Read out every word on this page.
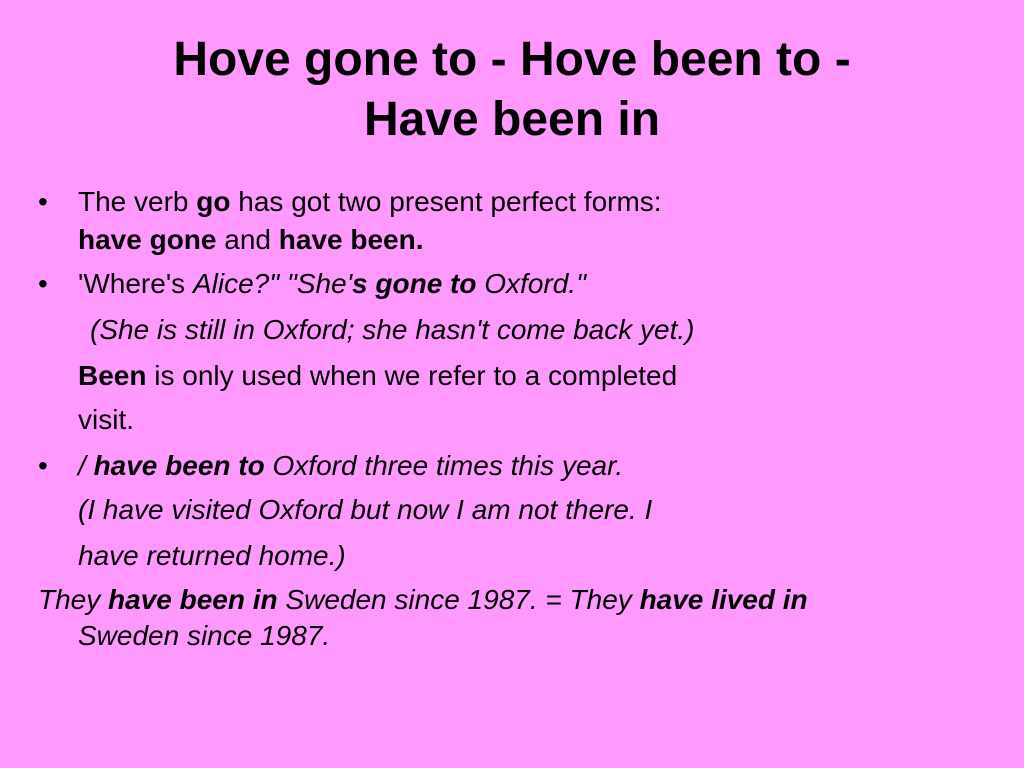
Hove gone to - Hove been to -
Have been in
• The verb go has got two present perfect forms:
have gone and have been.
• 'Where's Alice?" "She's gone to Oxford."
(She is still in Oxford; she hasn't come back yet.)
Been is only used when we refer to a completed
visit.
• / have been to Oxford three times this year.
(I have visited Oxford but now I am not there. I
have returned home.)
They have been in Sweden since 1987. = They have lived in
Sweden since 1987.
